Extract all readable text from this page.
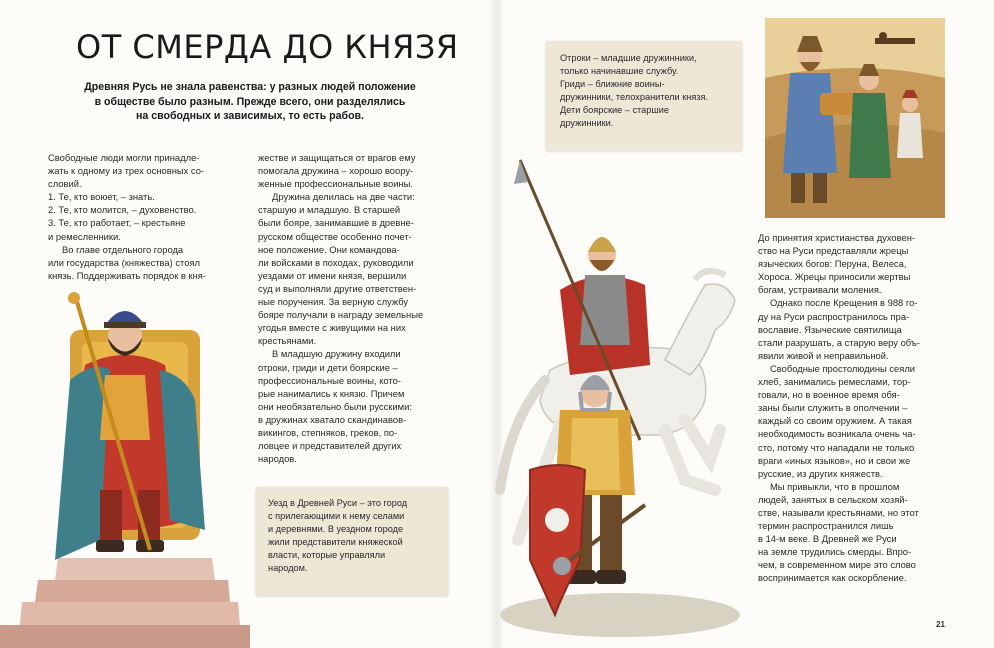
ОТ СМЕРДА ДО КНЯЗЯ
Древняя Русь не знала равенства: у разных людей положение
в обществе было разным. Прежде всего, они разделялись
на свободных и зависимых, то есть рабов.
Свободные люди могли принадле-
жать к одному из трех основных со-
словий.
1. Те, кто воюет, – знать.
2. Те, кто молится, – духовенство.
3. Те, кто работает, – крестьяне
и ремесленники.
Во главе отдельного города
или государства (княжества) стоял
князь. Поддерживать порядок в кня-
жестве и защищаться от врагов ему
помогала дружина – хорошо воору-
женные профессиональные воины.
Дружина делилась на две части:
старшую и младшую. В старшей
были бояре, занимавшие в древне-
русском обществе особенно почет-
ное положение. Они командова-
ли войсками в походах, руководили
уездами от имени князя, вершили
суд и выполняли другие ответствен-
ные поручения. За верную службу
бояре получали в награду земельные
угодья вместе с живущими на них
крестьянами.
В младшую дружину входили
отроки, гриди и дети боярские –
профессиональные воины, кото-
рые нанимались к князю. Причем
они необязательно были русскими:
в дружинах хватало скандинавов-
викингов, степняков, греков, по-
ловцее и представителей других
народов.
Уезд в Древней Руси – это город
с прилегающими к нему селами
и деревнями. В уездном городе
жили представители княжеской
власти, которые управляли
народом.
Отроки – младшие дружинники,
только начинавшие службу.
Гриди – ближние воины-
дружинники, телохранители князя.
Дети боярские – старшие
дружинники.
До принятия христианства духовен-
ство на Руси представляли жрецы
языческих богов: Перуна, Велеса,
Хороса. Жрецы приносили жертвы
богам, устраивали моления.
Однако после Крещения в 988 го-
ду на Руси распространилось пра-
вославие. Языческие святилища
стали разрушать, а старую веру объ-
явили живой и неправильной.
Свободные простолюдины сеяли
хлеб, занимались ремеслами, тор-
говали, но в военное время обя-
заны были служить в ополчении –
каждый со своим оружием. А такая
необходимость возникала очень ча-
сто, потому что нападали не только
враги «иных языков», но и свои же
русские, из других княжеств.
Мы привыкли, что в прошлом
людей, занятых в сельском хозяй-
стве, называли крестьянами, но этот
термин распространился лишь
в 14-м веке. В Древней же Руси
на земле трудились смерды. Впро-
чем, в современном мире это слово
воспринимается как оскорбление.
21
